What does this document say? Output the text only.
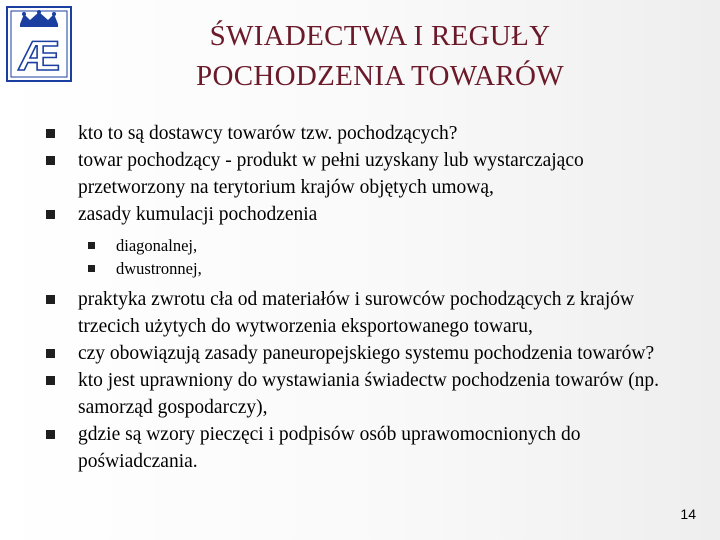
Æ	ŚWIADECTWA I REGUŁY
POCHODZENIA TOWARÓW
kto to są dostawcy towarów tzw. pochodzących?
towar pochodzący - produkt w pełni uzyskany lub wystarczająco przetworzony na terytorium krajów objętych umową,
zasady kumulacji pochodzenia
diagonalnej,
dwustronnej,
praktyka zwrotu cła od materiałów i surowców pochodzących z krajów trzecich użytych do wytworzenia eksportowanego towaru,
czy obowiązują zasady paneuropejskiego systemu pochodzenia towarów?
kto jest uprawniony do wystawiania świadectw pochodzenia towarów (np. samorząd gospodarczy),
gdzie są wzory pieczęci i podpisów osób uprawomocnionych do poświadczania.
14
